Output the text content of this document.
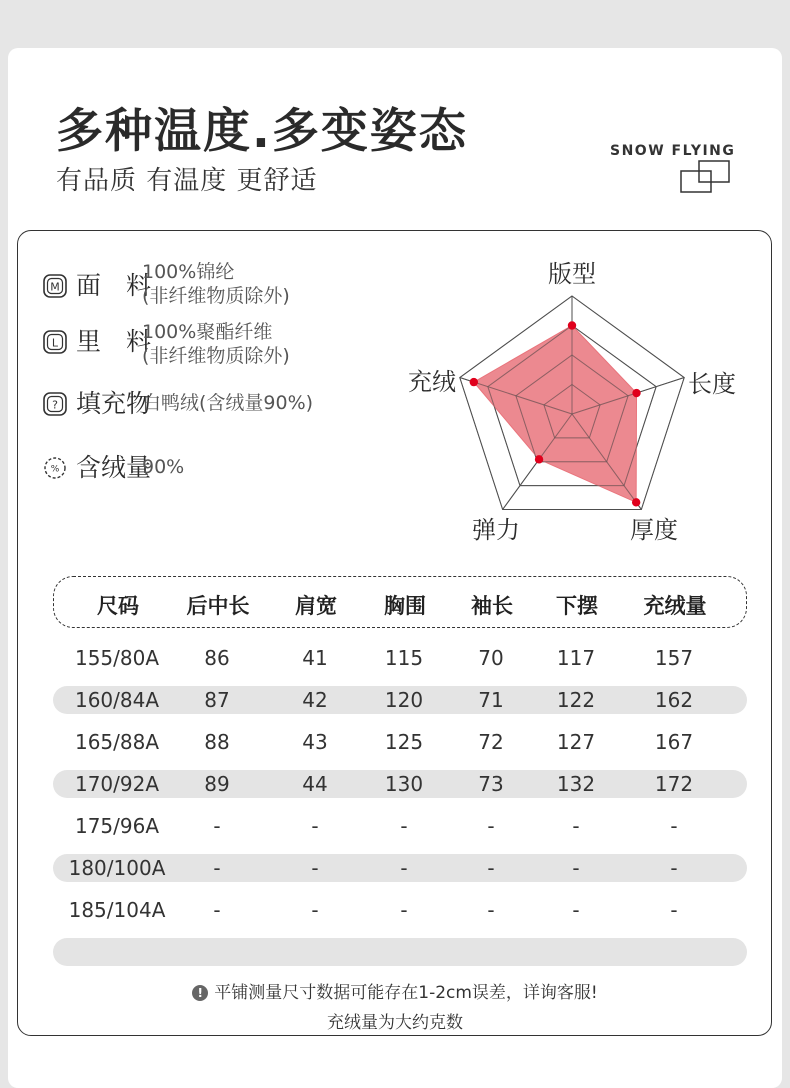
多种温度.多变姿态
有品质 有温度 更舒适
SNOW FLYING
M 面　料
100%锦纶
(非纤维物质除外)
L 里　料
100%聚酯纤维
(非纤维物质除外)
? 填充物
白鸭绒(含绒量90%)
% 含绒量
90%
版型
长度
厚度
弹力
充绒
尺码 后中长 肩宽 胸围 袖长 下摆 充绒量
155/80A 86	41	115	70	117	157
160/84A 87	42	120	71	122	162
165/88A 88	43	125	72	127	167
170/92A 89	44	130	73	132	172
175/96A	-	-	-	-	-	-
180/100A -	-	-	-	-	-
185/104A -	-	-	-	-	-
! 平铺测量尺寸数据可能存在1-2cm误差，详询客服!
充绒量为大约克数
